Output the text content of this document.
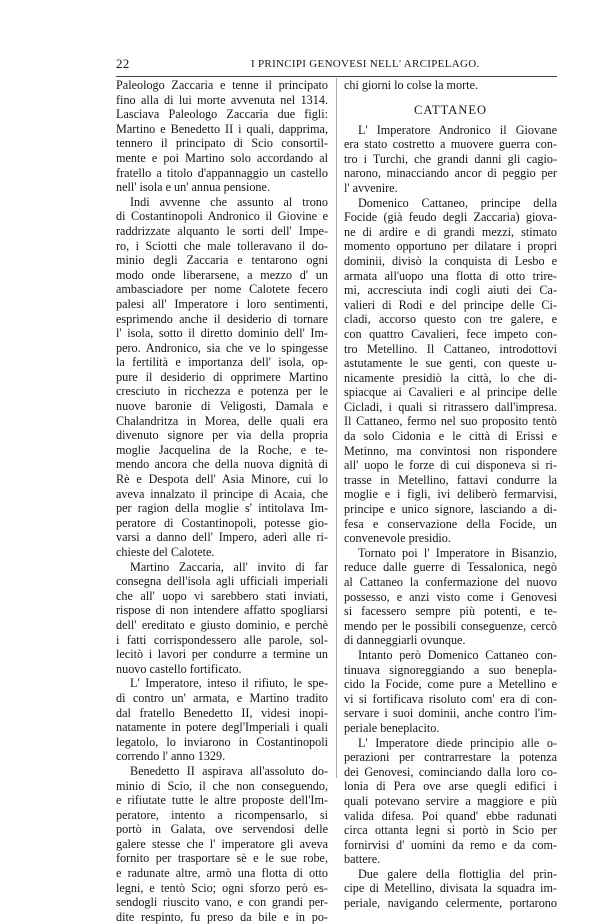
22	I PRINCIPI GENOVESI NELL' ARCIPELAGO.
Paleologo Zaccaria e tenne il principato
fino alla di lui morte avvenuta nel 1314.
Lasciava Paleologo Zaccaria due figli:
Martino e Benedetto II i quali, dapprima,
tennero il principato di Scio consortil-
mente e poi Martino solo accordando al
fratello a titolo d'appannaggio un castello
nell' isola e un' annua pensione.
Indi avvenne che assunto al trono
di Costantinopoli Andronico il Giovine e
raddrizzate alquanto le sorti dell' Impe-
ro, i Sciotti che male tolleravano il do-
minio degli Zaccaria e tentarono ogni
modo onde liberarsene, a mezzo d' un
ambasciadore per nome Calotete fecero
palesi all' Imperatore i loro sentimenti,
esprimendo anche il desiderio di tornare
l' isola, sotto il diretto dominio dell' Im-
pero. Andronico, sia che ve lo spingesse
la fertilità e importanza dell' isola, op-
pure il desiderio di opprimere Martino
cresciuto in ricchezza e potenza per le
nuove baronie di Veligosti, Damala e
Chalandritza in Morea, delle quali era
divenuto signore per via della propria
moglie Jacquelina de la Roche, e te-
mendo ancora che della nuova dignità di
Rè e Despota dell' Asia Minore, cui lo
aveva innalzato il principe di Acaia, che
per ragion della moglie s' intitolava Im-
peratore di Costantinopoli, potesse gio-
varsi a danno dell' Impero, aderì alle ri-
chieste del Calotete.
Martino Zaccaria, all' invito di far
consegna dell'isola agli ufficiali imperiali
che all' uopo vi sarebbero stati inviati,
rispose di non intendere affatto spogliarsi
dell' ereditato e giusto dominio, e perchè
i fatti corrispondessero alle parole, sol-
lecitò i lavori per condurre a termine un
nuovo castello fortificato.
L' Imperatore, inteso il rifiuto, le spe-
dì contro un' armata, e Martino tradito
dal fratello Benedetto II, videsi inopi-
natamente in potere degl'Imperiali i quali
legatolo, lo inviarono in Costantinopoli
correndo l' anno 1329.
Benedetto II aspirava all'assoluto do-
minio di Scio, il che non conseguendo,
e rifiutate tutte le altre proposte dell'Im-
peratore, intento a ricompensarlo, si
portò in Galata, ove servendosi delle
galere stesse che l' imperatore gli aveva
fornito per trasportare sè e le sue robe,
e radunate altre, armò una flotta di otto
legni, e tentò Scio; ogni sforzo però es-
sendogli riuscito vano, e con grandi per-
dite respinto, fu preso da bile e in po-
chi giorni lo colse la morte.
CATTANEO
L' Imperatore Andronico il Giovane
era stato costretto a muovere guerra con-
tro i Turchi, che grandi danni gli cagio-
narono, minacciando ancor di peggio per
l' avvenire.
Domenico Cattaneo, principe della
Focide (già feudo degli Zaccaria) giova-
ne di ardire e di grandi mezzi, stimato
momento opportuno per dilatare i propri
dominii, divisò la conquista di Lesbo e
armata all'uopo una flotta di otto trire-
mi, accresciuta indi cogli aiuti dei Ca-
valieri di Rodi e del principe delle Ci-
cladi, accorso questo con tre galere, e
con quattro Cavalieri, fece impeto con-
tro Metellino. Il Cattaneo, introdottovi
astutamente le sue genti, con queste u-
nicamente presidiò la città, lo che di-
spiacque ai Cavalieri e al principe delle
Cicladi, i quali si ritrassero dall'impresa.
Il Cattaneo, fermo nel suo proposito tentò
da solo Cidonia e le città di Erissi e
Metinno, ma convintosi non rispondere
all' uopo le forze di cui disponeva si ri-
trasse in Metellino, fattavi condurre la
moglie e i figli, ivi deliberò fermarvisi,
principe e unico signore, lasciando a di-
fesa e conservazione della Focide, un
convenevole presidio.
Tornato poi l' Imperatore in Bisanzio,
reduce dalle guerre di Tessalonica, negò
al Cattaneo la confermazione del nuovo
possesso, e anzi visto come i Genovesi
si facessero sempre più potenti, e te-
mendo per le possibili conseguenze, cercò
di danneggiarli ovunque.
Intanto però Domenico Cattaneo con-
tinuava signoreggiando a suo benepla-
cido la Focide, come pure a Metellino e
vi si fortificava risoluto com' era di con-
servare i suoi dominii, anche contro l'im-
periale beneplacito.
L' Imperatore diede principio alle o-
perazioni per contrarrestare la potenza
dei Genovesi, cominciando dalla loro co-
lonia di Pera ove arse quegli edifici i
quali potevano servire a maggiore e più
valida difesa. Poi quand' ebbe radunati
circa ottanta legni si portò in Scio per
fornirvisi d' uomini da remo e da com-
battere.
Due galere della flottiglia del prin-
cipe di Metellino, divisata la squadra im-
periale, navigando celermente, portarono
